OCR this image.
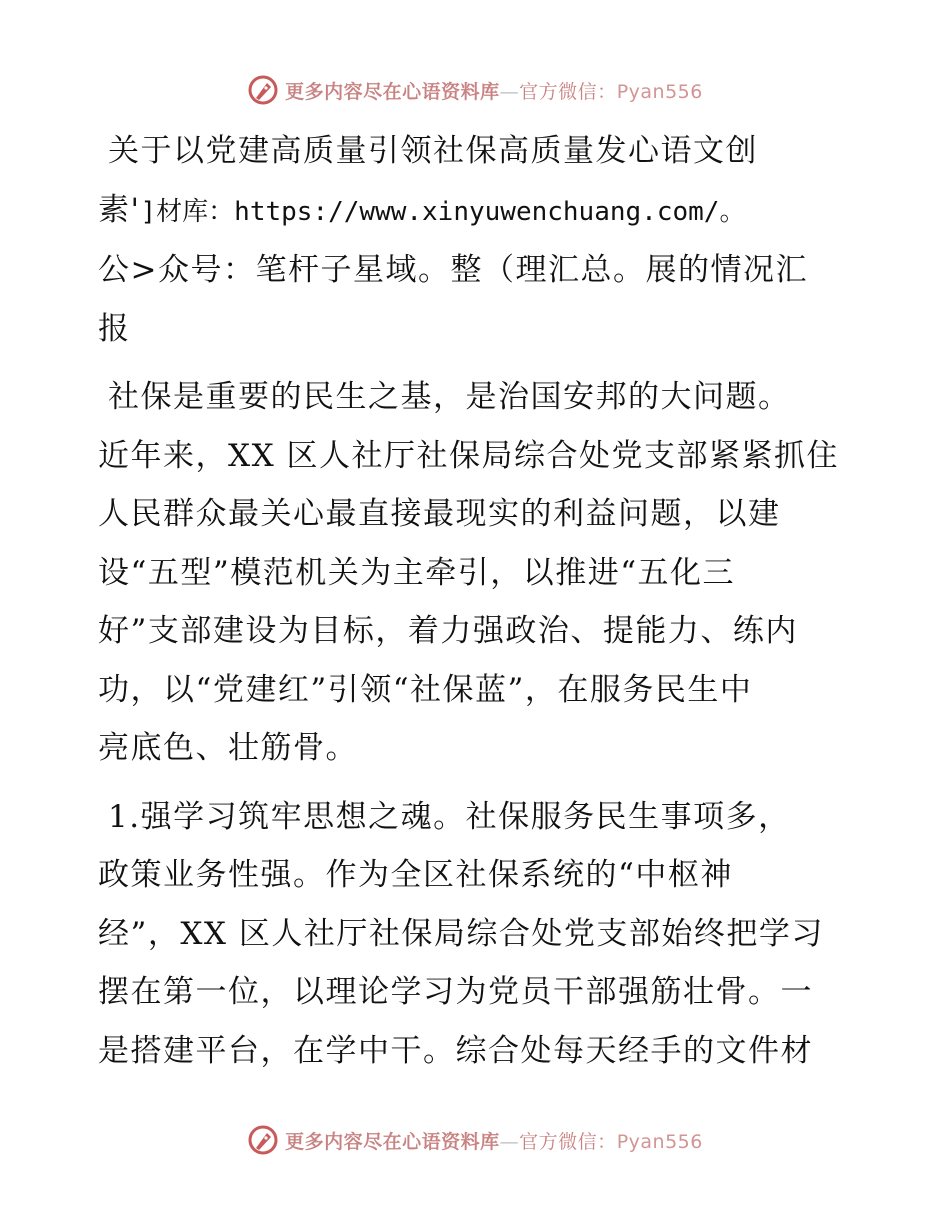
更多内容尽在心语资料库—官方微信：Pyan556

关于以党建高质量引领社保高质量发心语文创
素']材库：https://www.xinyuwenchuang.com/。
公>众号：笔杆子星域。整（理汇总。展的情况汇
报

社保是重要的民生之基，是治国安邦的大问题。
近年来，XX 区人社厅社保局综合处党支部紧紧抓住
人民群众最关心最直接最现实的利益问题，以建
设“五型”模范机关为主牵引，以推进“五化三
好”支部建设为目标，着力强政治、提能力、练内
功，以“党建红”引领“社保蓝”，在服务民生中
亮底色、壮筋骨。

1.强学习筑牢思想之魂。社保服务民生事项多，
政策业务性强。作为全区社保系统的“中枢神
经”，XX 区人社厅社保局综合处党支部始终把学习
摆在第一位，以理论学习为党员干部强筋壮骨。一
是搭建平台，在学中干。综合处每天经手的文件材

更多内容尽在心语资料库—官方微信：Pyan556
